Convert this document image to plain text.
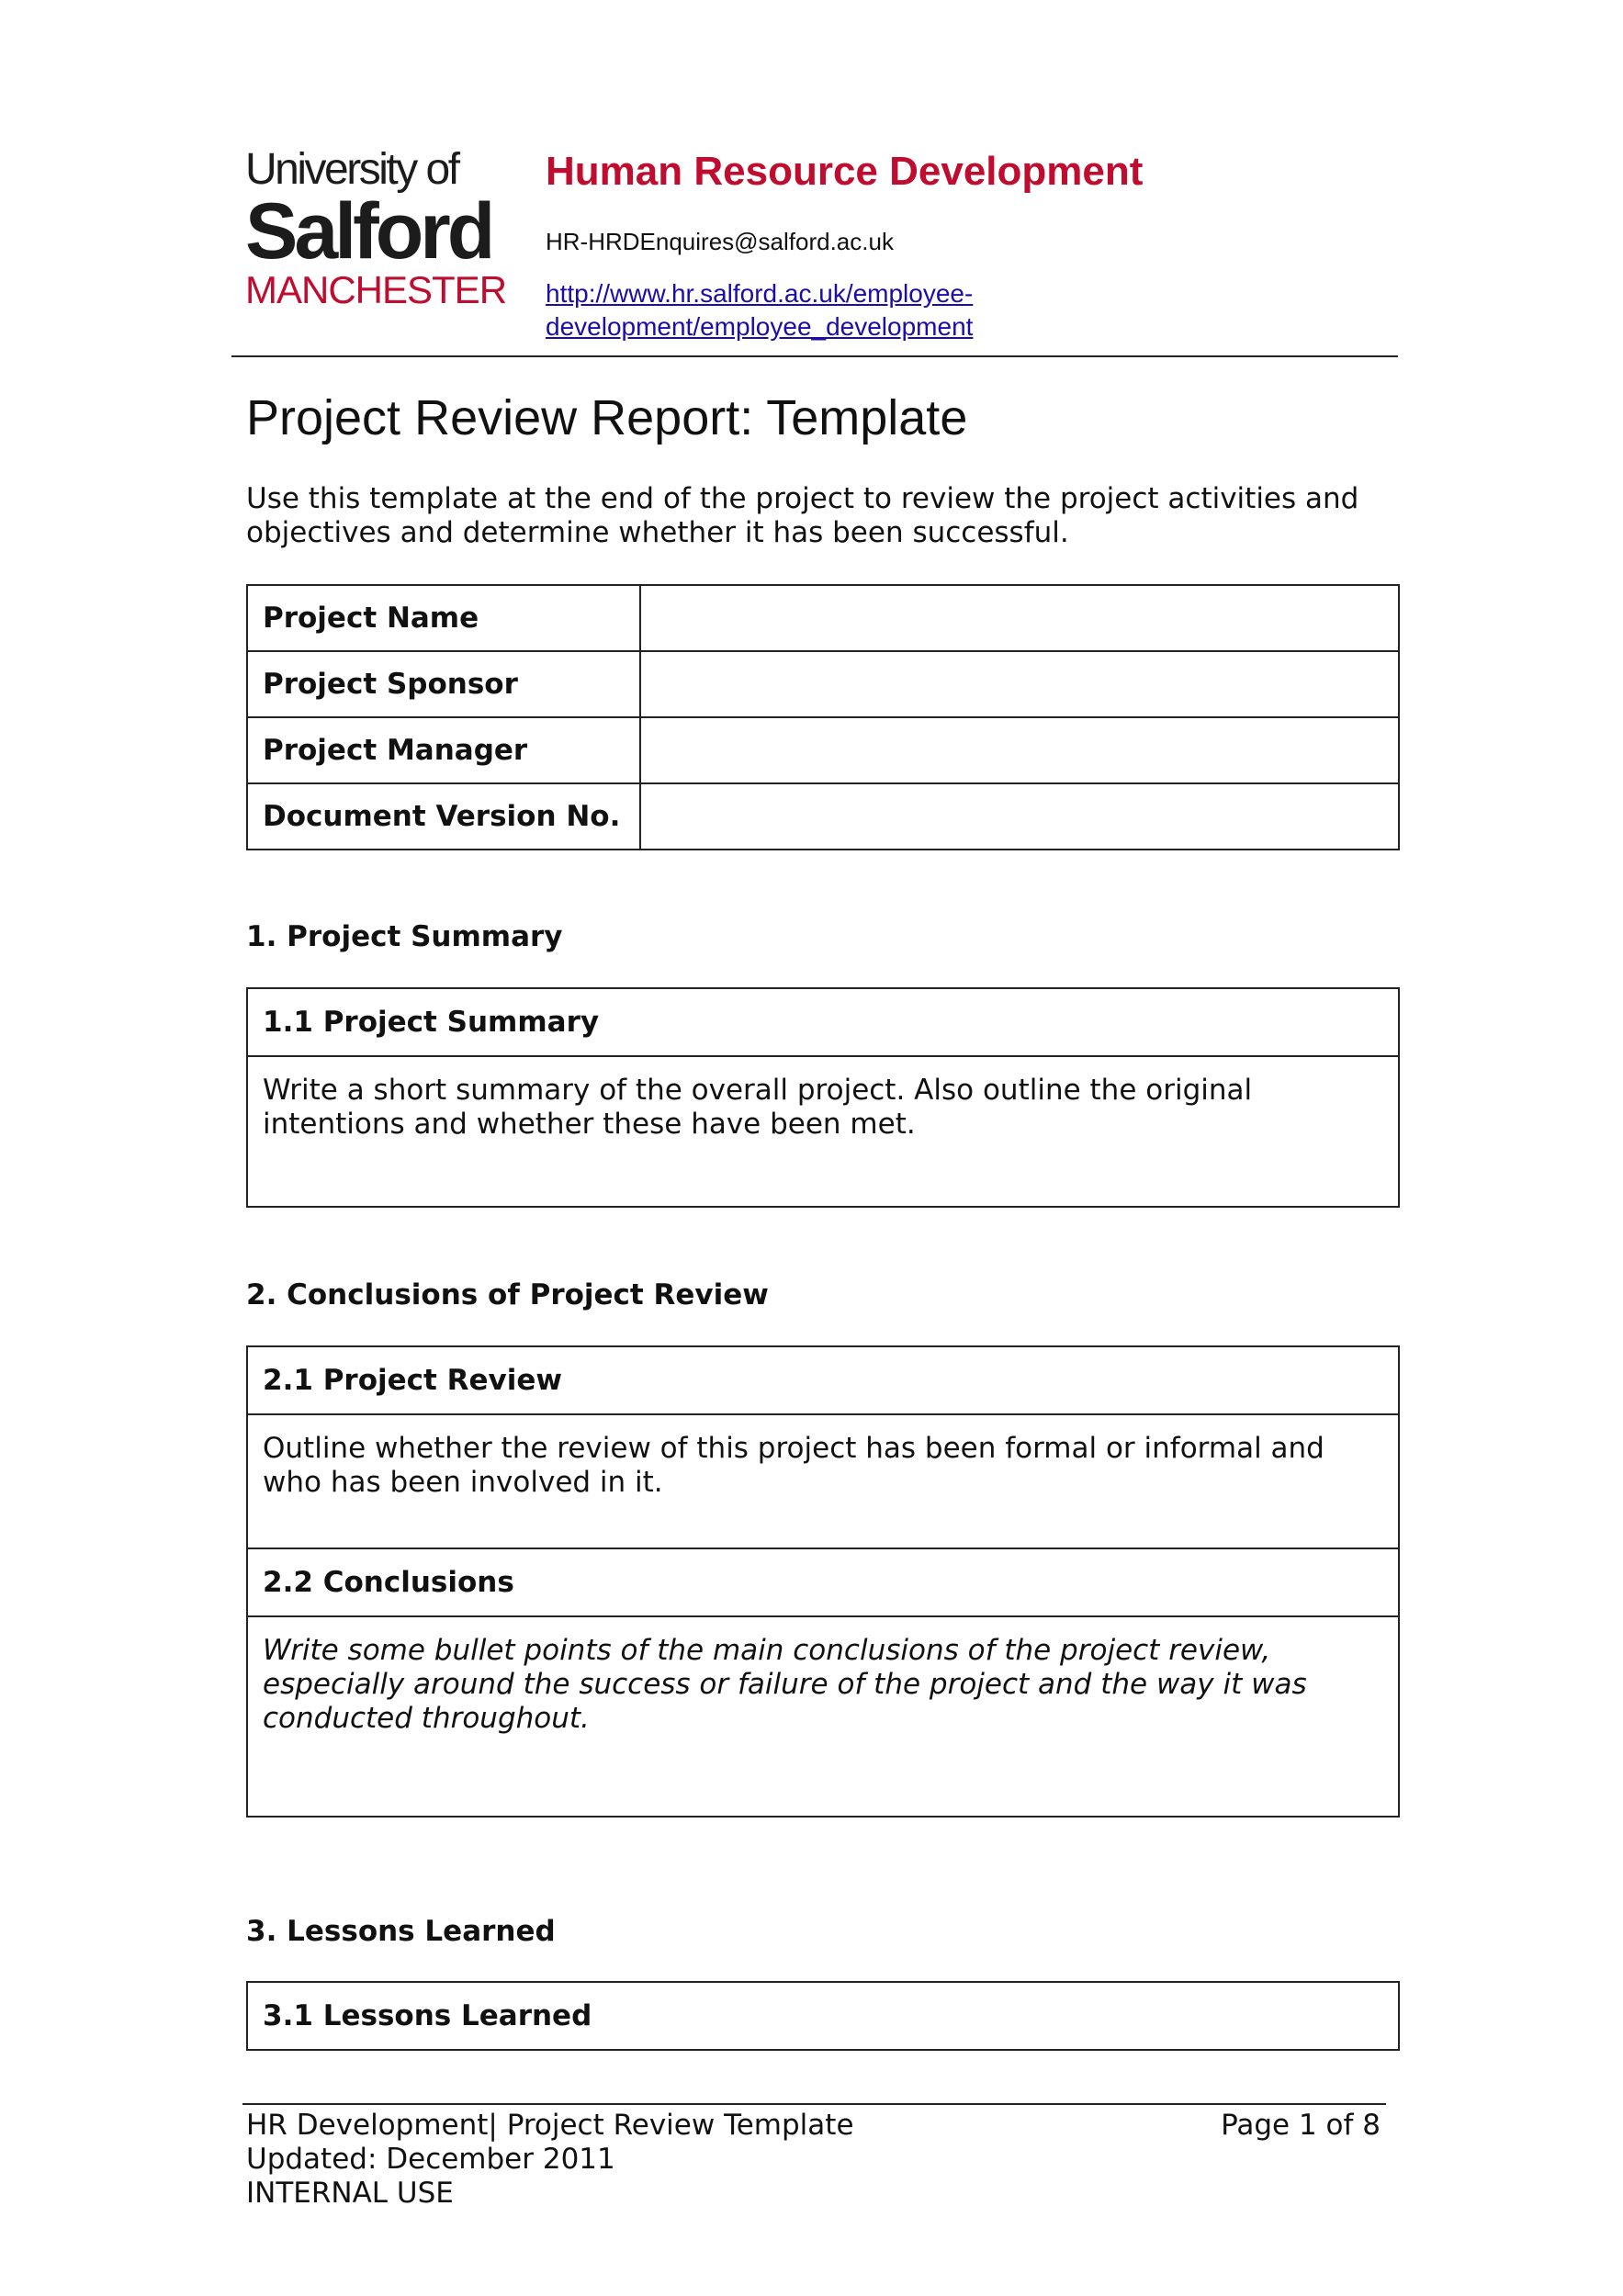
University of
Salford
MANCHESTER
Human Resource Development
HR-HRDEnquires@salford.ac.uk
http://www.hr.salford.ac.uk/employee-development/employee_development
Project Review Report: Template
Use this template at the end of the project to review the project activities and objectives and determine whether it has been successful.
Project Name	
Project Sponsor	
Project Manager	
Document Version No.	
1. Project Summary
1.1 Project Summary
Write a short summary of the overall project. Also outline the original intentions and whether these have been met.
2. Conclusions of Project Review
2.1 Project Review
Outline whether the review of this project has been formal or informal and who has been involved in it.
2.2 Conclusions
Write some bullet points of the main conclusions of the project review, especially around the success or failure of the project and the way it was conducted throughout.
3. Lessons Learned
3.1 Lessons Learned
HR Development| Project Review Template
Updated: December 2011
INTERNAL USE
Page 1 of 8
